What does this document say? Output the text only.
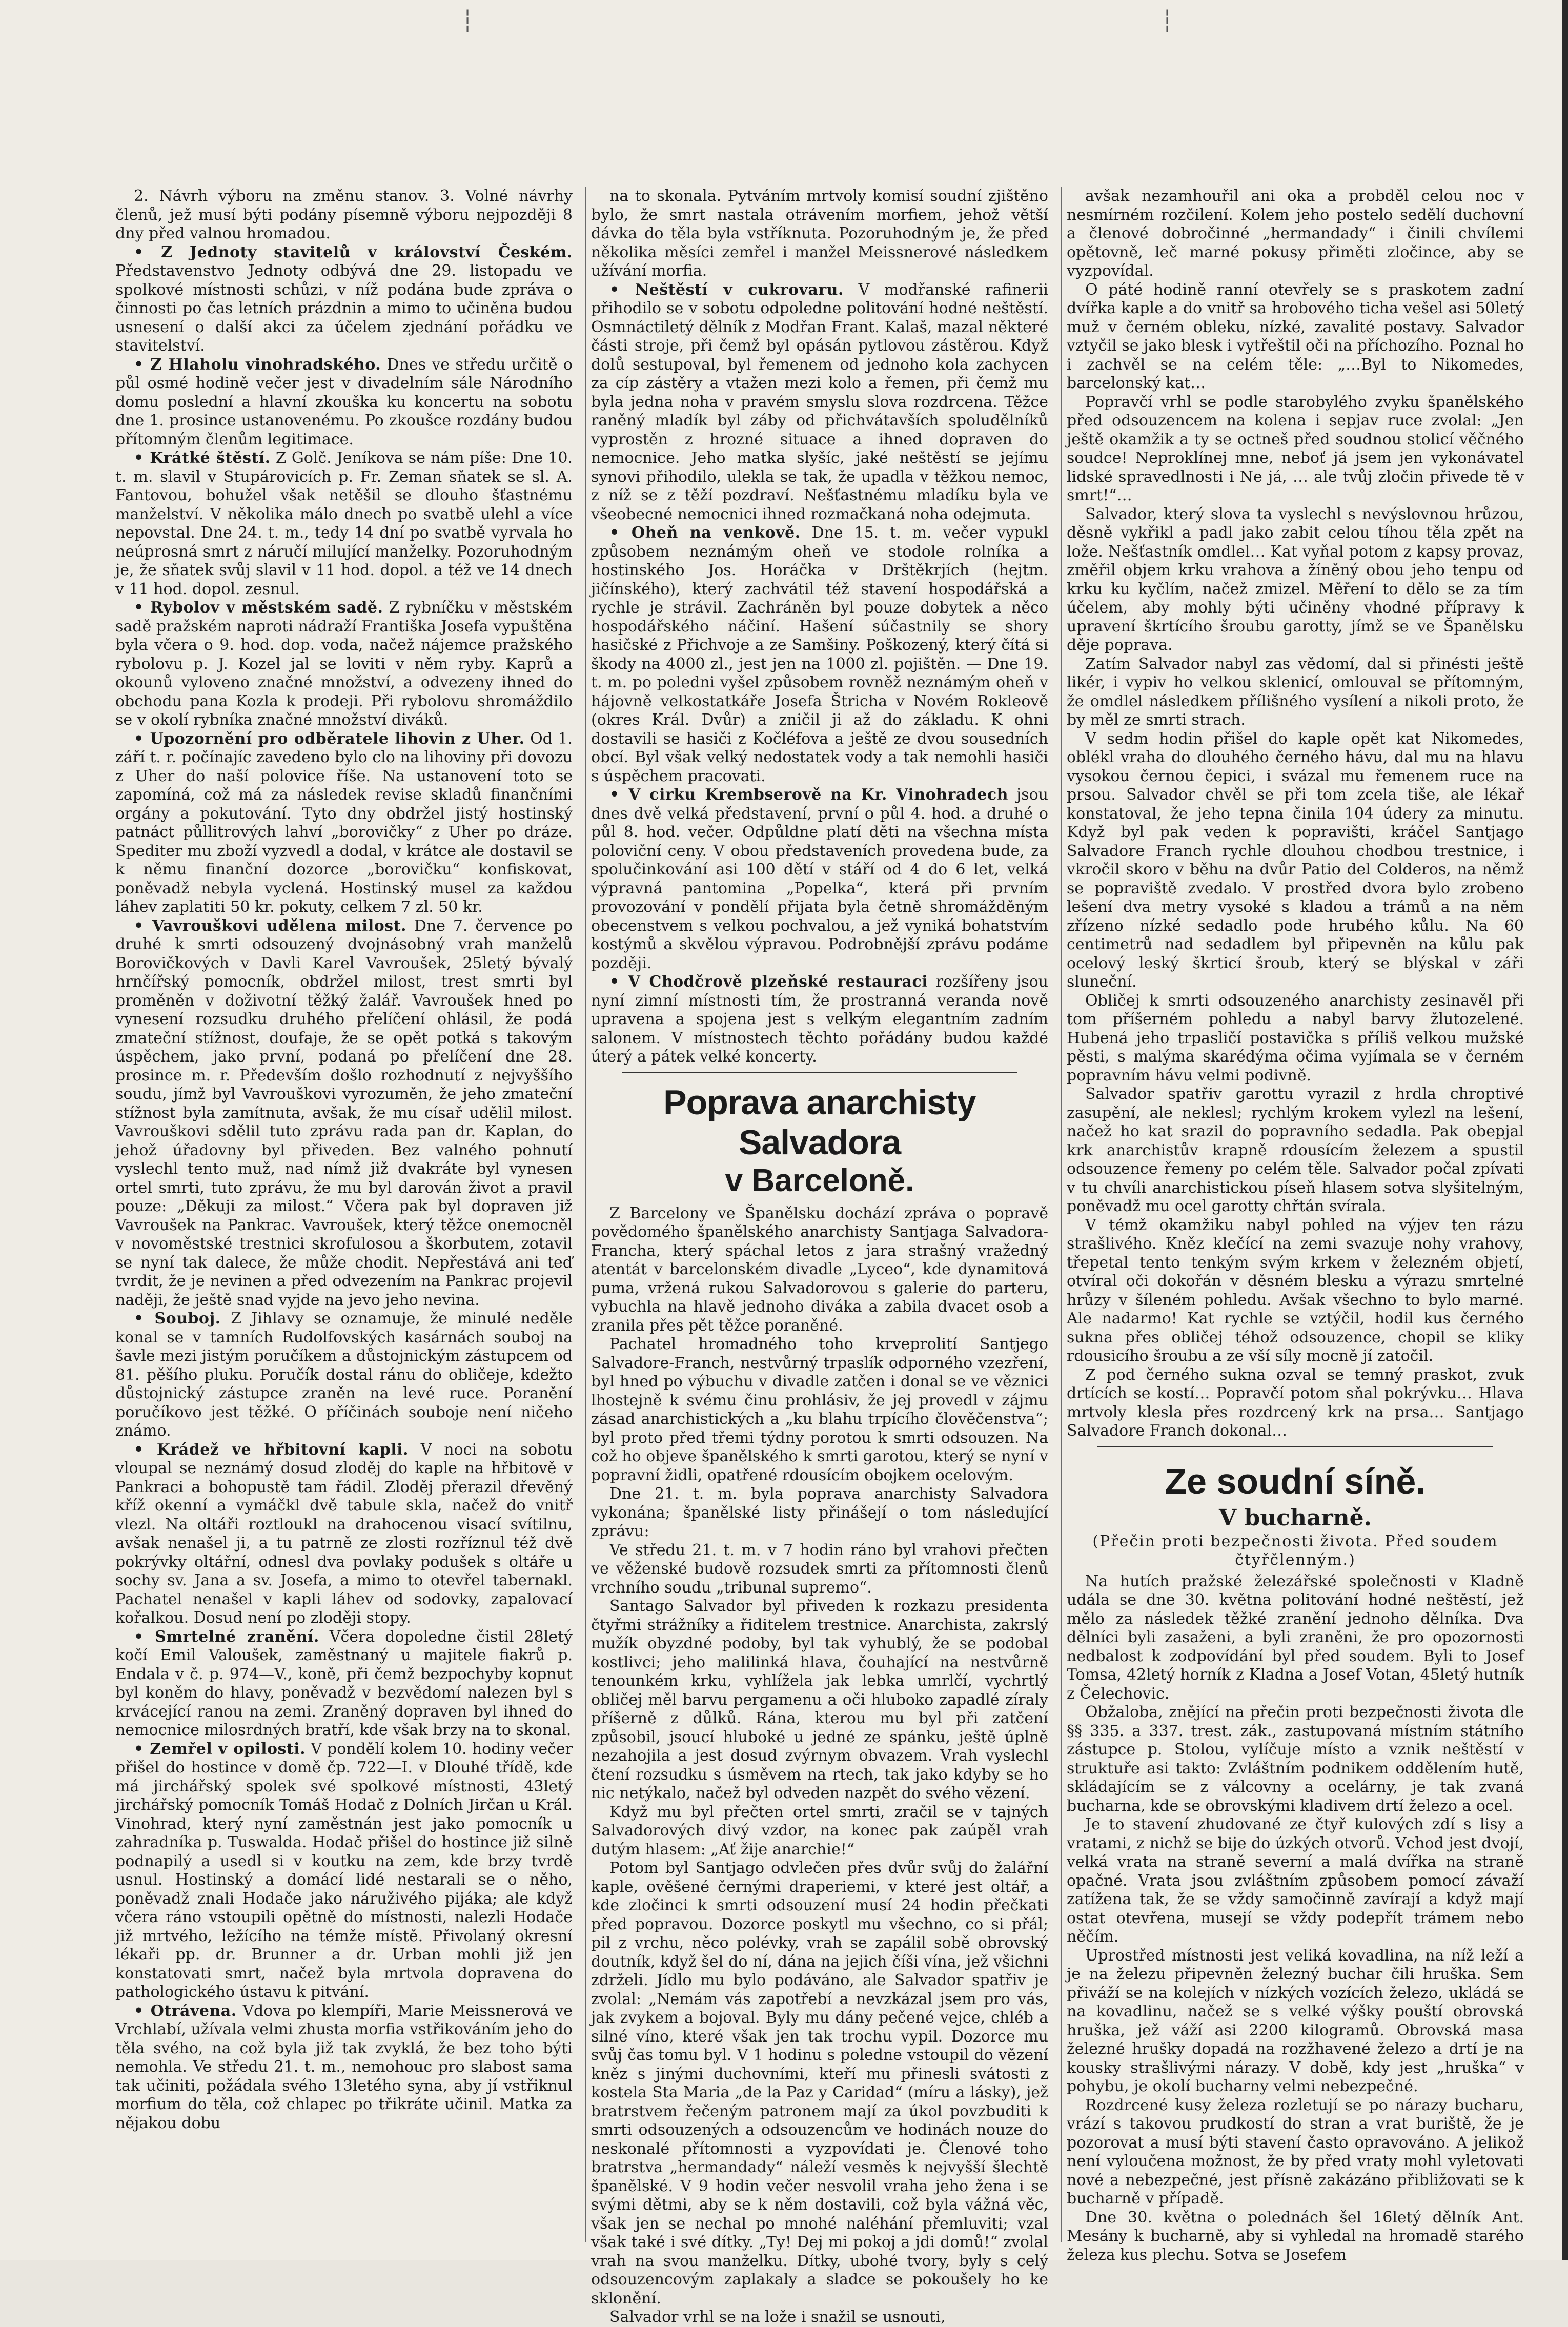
┆	┆

2. Návrh výboru na změnu stanov. 3. Volné návrhy členů, jež musí býti podány písemně výboru nejpozději 8 dny před valnou hromadou.

• Z Jednoty stavitelů v království Českém. Představenstvo Jednoty odbývá dne 29. listopadu ve spolkové místnosti schůzi, v níž podána bude zpráva o činnosti po čas letních prázdnin a mimo to učiněna budou usnesení o další akci za účelem zjednání pořádku ve stavitelství.

• Z Hlaholu vinohradského. Dnes ve středu určitě o půl osmé hodině večer jest v divadelním sále Národního domu poslední a hlavní zkouška ku koncertu na sobotu dne 1. prosince ustanovenému. Po zkoušce rozdány budou přítomným členům legitimace.

• Krátké štěstí. Z Golč. Jeníkova se nám píše: Dne 10. t. m. slavil v Stupárovicích p. Fr. Zeman sňatek se sl. A. Fantovou, bohužel však netěšil se dlouho šťastnému manželství. V několika málo dnech po svatbě ulehl a více nepovstal. Dne 24. t. m., tedy 14 dní po svatbě vyrvala ho neúprosná smrt z náručí milující manželky. Pozoruhodným je, že sňatek svůj slavil v 11 hod. dopol. a též ve 14 dnech v 11 hod. dopol. zesnul.

• Rybolov v městském sadě. Z rybníčku v městském sadě pražském naproti nádraží Františka Josefa vypuštěna byla včera o 9. hod. dop. voda, načež nájemce pražského rybolovu p. J. Kozel jal se loviti v něm ryby. Kaprů a okounů vyloveno značné množství, a odvezeny ihned do obchodu pana Kozla k prodeji. Při rybolovu shromáždilo se v okolí rybníka značné množství diváků.

• Upozornění pro odběratele lihovin z Uher. Od 1. září t. r. počínajíc zavedeno bylo clo na lihoviny při dovozu z Uher do naší polovice říše. Na ustanovení toto se zapomíná, což má za následek revise skladů finančními orgány a pokutování. Tyto dny obdržel jistý hostinský patnáct půllitrových lahví „borovičky“ z Uher po dráze. Spediter mu zboží vyzvedl a dodal, v krátce ale dostavil se k němu finanční dozorce „borovičku“ konfiskovat, poněvadž nebyla vyclená. Hostinský musel za každou láhev zaplatiti 50 kr. pokuty, celkem 7 zl. 50 kr.

• Vavrouškovi udělena milost. Dne 7. července po druhé k smrti odsouzený dvojnásobný vrah manželů Borovičkových v Davli Karel Vavroušek, 25letý bývalý hrnčířský pomocník, obdržel milost, trest smrti byl proměněn v doživotní těžký žalář. Vavroušek hned po vynesení rozsudku druhého přelíčení ohlásil, že podá zmateční stížnost, doufaje, že se opět potká s takovým úspěchem, jako první, podaná po přelíčení dne 28. prosince m. r. Především došlo rozhodnutí z nejvyššího soudu, jímž byl Vavrouškovi vyrozuměn, že jeho zmateční stížnost byla zamítnuta, avšak, že mu císař udělil milost. Vavrouškovi sdělil tuto zprávu rada pan dr. Kaplan, do jehož úřadovny byl přiveden. Bez valného pohnutí vyslechl tento muž, nad nímž již dvakráte byl vynesen ortel smrti, tuto zprávu, že mu byl darován život a pravil pouze: „Děkuji za milost.“ Včera pak byl dopraven již Vavroušek na Pankrac. Vavroušek, který těžce onemocněl v novoměstské trestnici skrofulosou a škorbutem, zotavil se nyní tak dalece, že může chodit. Nepřestává ani teď tvrdit, že je nevinen a před odvezením na Pankrac projevil naději, že ještě snad vyjde na jevo jeho nevina.

• Souboj. Z Jihlavy se oznamuje, že minulé neděle konal se v tamních Rudolfovských kasárnách souboj na šavle mezi jistým poručíkem a důstojnickým zástupcem od 81. pěšího pluku. Poručík dostal ránu do obličeje, kdežto důstojnický zástupce zraněn na levé ruce. Poranění poručíkovo jest těžké. O příčinách souboje není ničeho známo.

• Krádež ve hřbitovní kapli. V noci na sobotu vloupal se neznámý dosud zloděj do kaple na hřbitově v Pankraci a bohopustě tam řádil. Zloděj přerazil dřevěný kříž okenní a vymáčkl dvě tabule skla, načež do vnitř vlezl. Na oltáři roztloukl na drahocenou visací svítilnu, avšak nenašel ji, a tu patrně ze zlosti rozříznul též dvě pokrývky oltářní, odnesl dva povlaky podušek s oltáře u sochy sv. Jana a sv. Josefa, a mimo to otevřel tabernakl. Pachatel nenašel v kapli láhev od sodovky, zapalovací kořalkou. Dosud není po zloději stopy.

• Smrtelné zranění. Včera dopoledne čistil 28letý kočí Emil Valoušek, zaměstnaný u majitele fiakrů p. Endala v č. p. 974—V., koně, při čemž bezpochyby kopnut byl koněm do hlavy, poněvadž v bezvědomí nalezen byl s krvácející ranou na zemi. Zraněný dopraven byl ihned do nemocnice milosrdných bratří, kde však brzy na to skonal.

• Zemřel v opilosti. V pondělí kolem 10. hodiny večer přišel do hostince v domě čp. 722—I. v Dlouhé třídě, kde má jirchářský spolek své spolkové místnosti, 43letý jirchářský pomocník Tomáš Hodač z Dolních Jirčan u Král. Vinohrad, který nyní zaměstnán jest jako pomocník u zahradníka p. Tuswalda. Hodač přišel do hostince již silně podnapilý a usedl si v koutku na zem, kde brzy tvrdě usnul. Hostinský a domácí lidé nestarali se o něho, poněvadž znali Hodače jako náruživého pijáka; ale když včera ráno vstoupili opětně do místnosti, nalezli Hodače již mrtvého, ležícího na témže místě. Přivolaný okresní lékaři pp. dr. Brunner a dr. Urban mohli již jen konstatovati smrt, načež byla mrtvola dopravena do pathologického ústavu k pitvání.

• Otrávena. Vdova po klempíři, Marie Meissnerová ve Vrchlabí, užívala velmi zhusta morfia vstřikováním jeho do těla svého, na což byla již tak zvyklá, že bez toho býti nemohla. Ve středu 21. t. m., nemohouc pro slabost sama tak učiniti, požádala svého 13letého syna, aby jí vstřiknul morfium do těla, což chlapec po třikráte učinil. Matka za nějakou dobu

na to skonala. Pytváním mrtvoly komisí soudní zjištěno bylo, že smrt nastala otrávením morfiem, jehož větší dávka do těla byla vstříknuta. Pozoruhodným je, že před několika měsíci zemřel i manžel Meissnerové následkem užívání morfia.

• Neštěstí v cukrovaru. V modřanské rafinerii přihodilo se v sobotu odpoledne politování hodné neštěstí. Osmnáctiletý dělník z Modřan Frant. Kalaš, mazal některé části stroje, při čemž byl opásán pytlovou zástěrou. Když dolů sestupoval, byl řemenem od jednoho kola zachycen za cíp zástěry a vtažen mezi kolo a řemen, při čemž mu byla jedna noha v pravém smyslu slova rozdrcena. Těžce raněný mladík byl záby od přichvátavších spoludělníků vyprostěn z hrozné situace a ihned dopraven do nemocnice. Jeho matka slyšíc, jaké neštěstí se jejímu synovi přihodilo, ulekla se tak, že upadla v těžkou nemoc, z níž se z těží pozdraví. Nešťastnému mladíku byla ve všeobecné nemocnici ihned rozmačkaná noha odejmuta.

• Oheň na venkově. Dne 15. t. m. večer vypukl způsobem neznámým oheň ve stodole rolníka a hostinského Jos. Horáčka v Drštěkrjích (hejtm. jičínského), který zachvátil též stavení hospodářská a rychle je strávil. Zachráněn byl pouze dobytek a něco hospodářského náčiní. Hašení súčastnily se shory hasičské z Přichvoje a ze Samšiny. Poškozený, který čítá si škody na 4000 zl., jest jen na 1000 zl. pojištěn. — Dne 19. t. m. po poledni vyšel způsobem rovněž neznámým oheň v hájovně velkostatkáře Josefa Štricha v Novém Rokleově (okres Král. Dvůr) a zničil ji až do základu. K ohni dostavili se hasiči z Kočléfova a ještě ze dvou sousedních obcí. Byl však velký nedostatek vody a tak nemohli hasiči s úspěchem pracovati.

• V cirku Krembserově na Kr. Vinohradech jsou dnes dvě velká představení, první o půl 4. hod. a druhé o půl 8. hod. večer. Odpůldne platí děti na všechna místa poloviční ceny. V obou představeních provedena bude, za spolučinkování asi 100 dětí v stáří od 4 do 6 let, velká výpravná pantomina „Popelka“, která při prvním provozování v pondělí přijata byla četně shromážděným obecenstvem s velkou pochvalou, a jež vyniká bohatstvím kostýmů a skvělou výpravou. Podrobnější zprávu podáme později.

• V Chodčrově plzeňské restauraci rozšířeny jsou nyní zimní místnosti tím, že prostranná veranda nově upravena a spojena jest s velkým elegantním zadním salonem. V místnostech těchto pořádány budou každé úterý a pátek velké koncerty.

Poprava anarchisty Salvadora
v Barceloně.

Z Barcelony ve Španělsku dochází zpráva o popravě povědomého španělského anarchisty Santjaga Salvadora-Francha, který spáchal letos z jara strašný vražedný atentát v barcelonském divadle „Lyceo“, kde dynamitová puma, vržená rukou Salvadorovou s galerie do parteru, vybuchla na hlavě jednoho diváka a zabila dvacet osob a zranila přes pět těžce poraněné.

Pachatel hromadného toho krveprolití Santjego Salvadore-Franch, nestvůrný trpaslík odporného vzezření, byl hned po výbuchu v divadle zatčen i donal se ve věznici lhostejně k svému činu prohlásiv, že jej provedl v zájmu zásad anarchistických a „ku blahu trpícího člověčenstva“; byl proto před třemi týdny porotou k smrti odsouzen. Na což ho objeve španělského k smrti garotou, který se nyní v popravní židli, opatřené rdousícím obojkem ocelovým.

Dne 21. t. m. byla poprava anarchisty Salvadora vykonána; španělské listy přinášejí o tom následující zprávu:

Ve středu 21. t. m. v 7 hodin ráno byl vrahovi přečten ve věženské budově rozsudek smrti za přítomnosti členů vrchního soudu „tribunal supremo“.

Santago Salvador byl přiveden k rozkazu presidenta čtyřmi strážníky a řiditelem trestnice. Anarchista, zakrslý mužík obyzdné podoby, byl tak vyhublý, že se podobal kostlivci; jeho malilinká hlava, čouhající na nestvůrně tenounkém krku, vyhlížela jak lebka umrlčí, vychrtlý obličej měl barvu pergamenu a oči hluboko zapadlé zíraly příšerně z důlků. Rána, kterou mu byl při zatčení způsobil, jsoucí hluboké u jedné ze spánku, ještě úplně nezahojila a jest dosud zvýrnym obvazem. Vrah vyslechl čtení rozsudku s úsměvem na rtech, tak jako kdyby se ho nic netýkalo, načež byl odveden nazpět do svého vězení.

Když mu byl přečten ortel smrti, zračil se v tajných Salvadorových divý vzdor, na konec pak zaúpěl vrah dutým hlasem: „Ať žije anarchie!“

Potom byl Santjago odvlečen přes dvůr svůj do žalářní kaple, ověšené černými draperiemi, v které jest oltář, a kde zločinci k smrti odsouzení musí 24 hodin přečkati před popravou. Dozorce poskytl mu všechno, co si přál; pil z vrchu, něco polévky, vrah se zapálil sobě obrovský doutník, když šel do ní, dána na jejich číši vína, jež všichni zdrželi. Jídlo mu bylo podáváno, ale Salvador spatřiv je zvolal: „Nemám vás zapotřebí a nevzkázal jsem pro vás, jak zvykem a bojoval. Byly mu dány pečené vejce, chléb a silné víno, které však jen tak trochu vypil. Dozorce mu svůj čas tomu byl. V 1 hodinu s poledne vstoupil do vězení kněz s jinými duchovními, kteří mu přinesli svátosti z kostela Sta Maria „de la Paz y Caridad“ (míru a lásky), jež bratrstvem řečeným patronem mají za úkol povzbuditi k smrti odsouzených a odsouzencům ve hodinách nouze do neskonalé přítomnosti a vyzpovídati je. Členové toho bratrstva „hermandady“ náleží vesměs k nejvyšší šlechtě španělské. V 9 hodin večer nesvolil vraha jeho žena i se svými dětmi, aby se k něm dostavili, což byla vážná věc, však jen se nechal po mnohé naléhání přemluviti; vzal však také i své dítky. „Ty! Dej mi pokoj a jdi domů!“ zvolal vrah na svou manželku. Dítky, ubohé tvory, byly s celý odsouzencovým zaplakaly a sladce se pokoušely ho ke sklonění.

Salvador vrhl se na lože i snažil se usnouti,

avšak nezamhouřil ani oka a probděl celou noc v nesmírném rozčilení. Kolem jeho postelo sedělí duchovní a členové dobročinné „hermandady“ i činili chvílemi opětovně, leč marné pokusy přiměti zločince, aby se vyzpovídal.

O páté hodině ranní otevřely se s praskotem zadní dvířka kaple a do vnitř sa hrobového ticha vešel asi 50letý muž v černém obleku, nízké, zavalité postavy. Salvador vztyčil se jako blesk i vytřeštil oči na příchozího. Poznal ho i zachvěl se na celém těle: „…Byl to Nikomedes, barcelonský kat…

Popravčí vrhl se podle starobylého zvyku španělského před odsouzencem na kolena i sepjav ruce zvolal: „Jen ještě okamžik a ty se octneš před soudnou stolicí věčného soudce! Neproklínej mne, neboť já jsem jen vykonávatel lidské spravedlnosti i Ne já, … ale tvůj zločin přivede tě v smrt!“…

Salvador, který slova ta vyslechl s nevýslovnou hrůzou, děsně vykřikl a padl jako zabit celou tíhou těla zpět na lože. Nešťastník omdlel… Kat vyňal potom z kapsy provaz, změřil objem krku vrahova a žíněný obou jeho tenpu od krku ku kyčlím, načež zmizel. Měření to dělo se za tím účelem, aby mohly býti učiněny vhodné přípravy k upravení škrtícího šroubu garotty, jímž se ve Španělsku děje poprava.

Zatím Salvador nabyl zas vědomí, dal si přinésti ještě likér, i vypiv ho velkou sklenicí, omlouval se přítomným, že omdlel následkem přílišného vysílení a nikoli proto, že by měl ze smrti strach.

V sedm hodin přišel do kaple opět kat Nikomedes, oblékl vraha do dlouhého černého hávu, dal mu na hlavu vysokou černou čepici, i svázal mu řemenem ruce na prsou. Salvador chvěl se při tom zcela tiše, ale lékař konstatoval, že jeho tepna činila 104 údery za minutu. Když byl pak veden k popravišti, kráčel Santjago Salvadore Franch rychle dlouhou chodbou trestnice, i vkročil skoro v běhu na dvůr Patio del Colderos, na němž se popraviště zvedalo. V prostřed dvora bylo zrobeno lešení dva metry vysoké s kladou a trámů a na něm zřízeno nízké sedadlo pode hrubého kůlu. Na 60 centimetrů nad sedadlem byl připevněn na kůlu pak ocelový leský škrticí šroub, který se blýskal v záři sluneční.

Obličej k smrti odsouzeného anarchisty zesinavěl při tom příšerném pohledu a nabyl barvy žlutozelené. Hubená jeho trpasličí postavička s příliš velkou mužské pěsti, s malýma skarédýma očima vyjímala se v černém popravním hávu velmi podivně.

Salvador spatřiv garottu vyrazil z hrdla chroptivé zasupění, ale neklesl; rychlým krokem vylezl na lešení, načež ho kat srazil do popravního sedadla. Pak obepjal krk anarchistův krapně rdousícím železem a spustil odsouzence řemeny po celém těle. Salvador počal zpívati v tu chvíli anarchistickou píseň hlasem sotva slyšitelným, poněvadž mu ocel garotty chřtán svírala.

V témž okamžiku nabyl pohled na výjev ten rázu strašlivého. Kněz klečící na zemi svazuje nohy vrahovy, třepetal tento tenkým svým krkem v železném objetí, otvíral oči dokořán v děsném blesku a výrazu smrtelné hrůzy v šíleném pohledu. Avšak všechno to bylo marné. Ale nadarmo! Kat rychle se vztýčil, hodil kus černého sukna přes obličej téhož odsouzence, chopil se kliky rdousicího šroubu a ze vší síly mocně jí zatočil.

Z pod černého sukna ozval se temný praskot, zvuk drtících se kostí… Popravčí potom sňal pokrývku… Hlava mrtvoly klesla přes rozdrcený krk na prsa… Santjago Salvadore Franch dokonal…

Ze soudní síně.
V bucharně.
(Přečin proti bezpečnosti života. Před soudem čtyřčlenným.)

Na hutích pražské železářské společnosti v Kladně udála se dne 30. května politování hodné neštěstí, jež mělo za následek těžké zranění jednoho dělníka. Dva dělníci byli zasaženi, a byli zraněni, že pro opozornosti nedbalost k zodpovídání byl před soudem. Byli to Josef Tomsa, 42letý horník z Kladna a Josef Votan, 45letý hutník z Čelechovic.

Obžaloba, znějící na přečin proti bezpečnosti života dle §§ 335. a 337. trest. zák., zastupovaná místním státního zástupce p. Stolou, vylíčuje místo a vznik neštěstí v struktuře asi takto: Zvláštním podnikem oddělením hutě, skládajícím se z válcovny a ocelárny, je tak zvaná bucharna, kde se obrovskými kladivem drtí železo a ocel.

Je to stavení zhudované ze čtyř kulových zdí s lisy a vratami, z nichž se bije do úzkých otvorů. Vchod jest dvojí, velká vrata na straně severní a malá dvířka na straně opačné. Vrata jsou zvláštním způsobem pomocí závaží zatížena tak, že se vždy samočinně zavírají a když mají ostat otevřena, musejí se vždy podepřít trámem nebo něčím.

Uprostřed místnosti jest veliká kovadlina, na níž leží a je na železu připevněn železný buchar čili hruška. Sem přiváží se na kolejích v nízkých vozících železo, ukládá se na kovadlinu, načež se s velké výšky pouští obrovská hruška, jež váží asi 2200 kilogramů. Obrovská masa železné hrušky dopadá na rozžhavené železo a drtí je na kousky strašlivými nárazy. V době, kdy jest „hruška“ v pohybu, je okolí bucharny velmi nebezpečné.

Rozdrcené kusy železa rozletují se po nárazy bucharu, vrází s takovou prudkostí do stran a vrat buriště, že je pozorovat a musí býti stavení často opravováno. A jelikož není vyloučena možnost, že by před vraty mohl vyletovati nové a nebezpečné, jest přísně zakázáno přibližovati se k bucharně v případě.

Dne 30. května o polednách šel 16letý dělník Ant. Mesány k bucharně, aby si vyhledal na hromadě starého železa kus plechu. Sotva se Josefem
